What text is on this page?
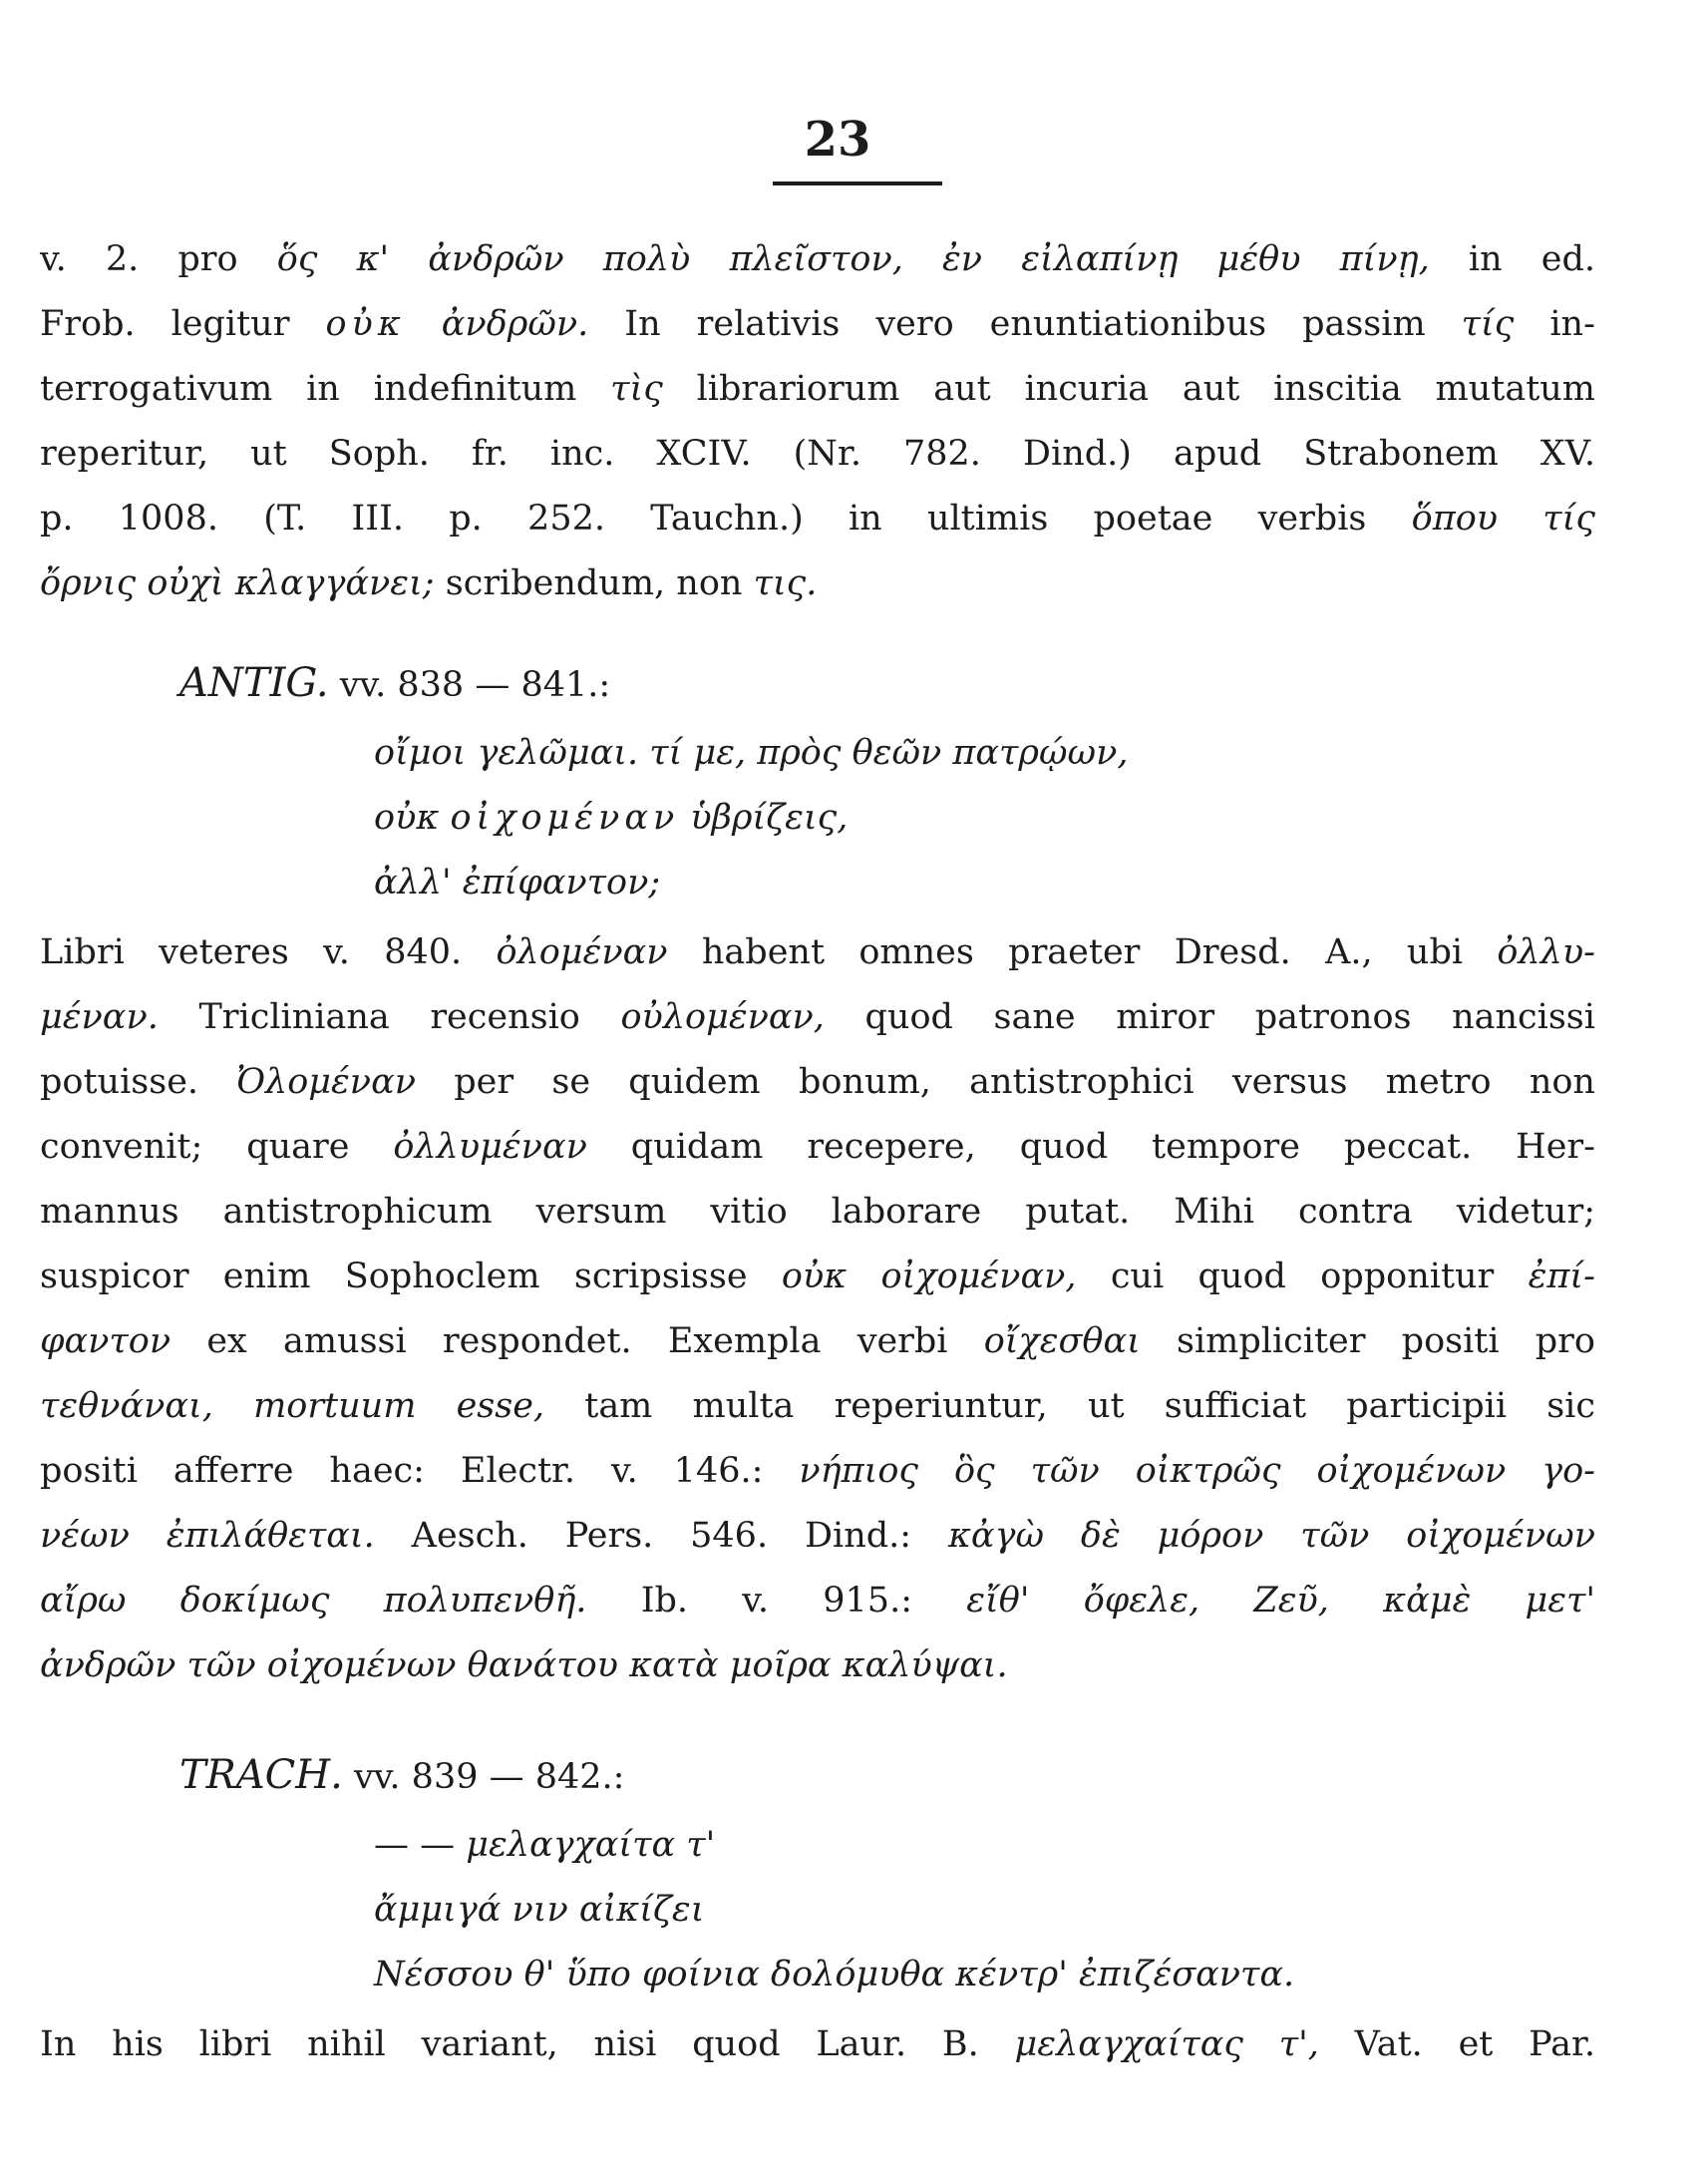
23
v. 2. pro ὅς κ' ἀνδρῶν πολὺ πλεῖστον, ἐν εἰλαπίνῃ μέθυ πίνῃ, in ed.
Frob. legitur οὐκ ἀνδρῶν. In relativis vero enuntiationibus passim τίς in-
terrogativum in indefinitum τὶς librariorum aut incuria aut inscitia mutatum
reperitur, ut Soph. fr. inc. XCIV. (Nr. 782. Dind.) apud Strabonem XV.
p. 1008. (T. III. p. 252. Tauchn.) in ultimis poetae verbis ὅπου τίς
ὄρνις οὐχὶ κλαγγάνει; scribendum, non τις.
ANTIG. vv. 838 — 841.:
οἴμοι γελῶμαι. τί με, πρὸς θεῶν πατρῴων,
οὐκ οἰχομέναν ὑβρίζεις,
ἀλλ' ἐπίφαντον;
Libri veteres v. 840. ὀλομέναν habent omnes praeter Dresd. A., ubi ὀλλυ-
μέναν. Tricliniana recensio οὐλομέναν, quod sane miror patronos nancissi
potuisse. Ὀλομέναν per se quidem bonum, antistrophici versus metro non
convenit; quare ὀλλυμέναν quidam recepere, quod tempore peccat. Her-
mannus antistrophicum versum vitio laborare putat. Mihi contra videtur;
suspicor enim Sophoclem scripsisse οὐκ οἰχομέναν, cui quod opponitur ἐπί-
φαντον ex amussi respondet. Exempla verbi οἴχεσθαι simpliciter positi pro
τεθνάναι, mortuum esse, tam multa reperiuntur, ut sufficiat participii sic
positi afferre haec: Electr. v. 146.: νήπιος ὃς τῶν οἰκτρῶς οἰχομένων γο-
νέων ἐπιλάθεται. Aesch. Pers. 546. Dind.: κἀγὼ δὲ μόρον τῶν οἰχομένων
αἴρω δοκίμως πολυπενθῆ. Ib. v. 915.: εἴθ' ὄφελε, Ζεῦ, κἀμὲ μετ'
ἀνδρῶν τῶν οἰχομένων θανάτου κατὰ μοῖρα καλύψαι.
TRACH. vv. 839 — 842.:
— — μελαγχαίτα τ'
ἄμμιγά νιν αἰκίζει
Νέσσου θ' ὕπο φοίνια δολόμυθα κέντρ' ἐπιζέσαντα.
In his libri nihil variant, nisi quod Laur. B. μελαγχαίτας τ', Vat. et Par.
